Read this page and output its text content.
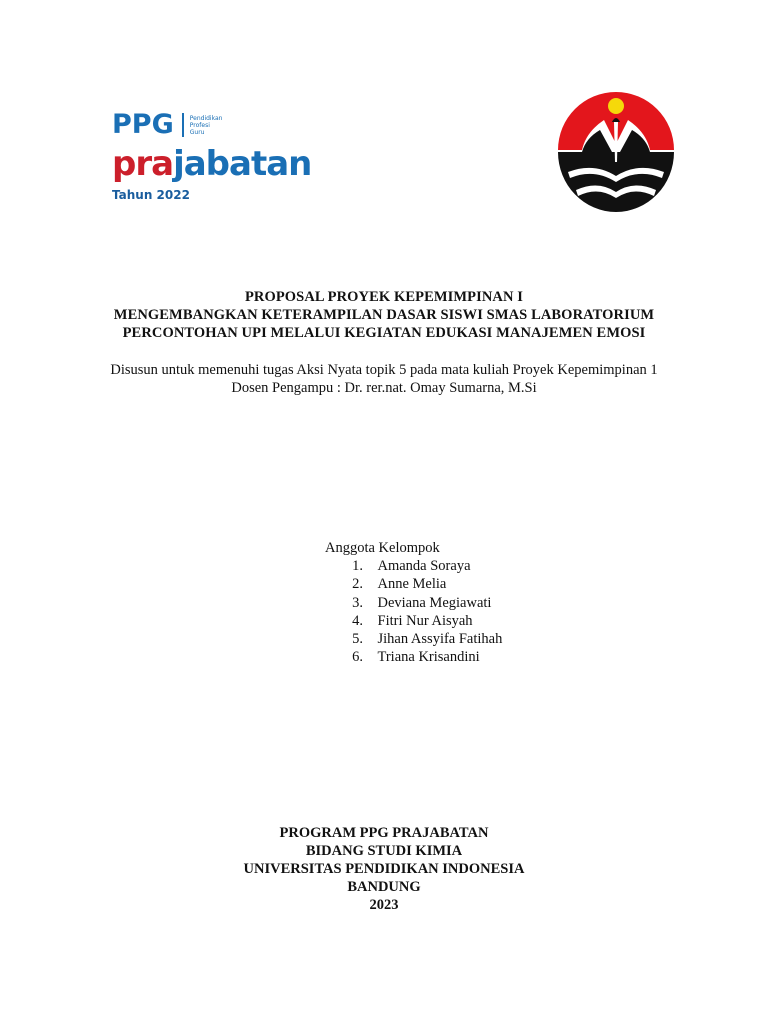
PPG	Pendidikan
Profesi
Guru
prajabatan
Tahun 2022
PROPOSAL PROYEK KEPEMIMPINAN I
MENGEMBANGKAN KETERAMPILAN DASAR SISWI SMAS LABORATORIUM
PERCONTOHAN UPI MELALUI KEGIATAN EDUKASI MANAJEMEN EMOSI
Disusun untuk memenuhi tugas Aksi Nyata topik 5 pada mata kuliah Proyek Kepemimpinan 1
Dosen Pengampu : Dr. rer.nat. Omay Sumarna, M.Si
Anggota Kelompok
1.	Amanda Soraya
2.	Anne Melia
3.	Deviana Megiawati
4.	Fitri Nur Aisyah
5.	Jihan Assyifa Fatihah
6.	Triana Krisandini
PROGRAM PPG PRAJABATAN
BIDANG STUDI KIMIA
UNIVERSITAS PENDIDIKAN INDONESIA
BANDUNG
2023
